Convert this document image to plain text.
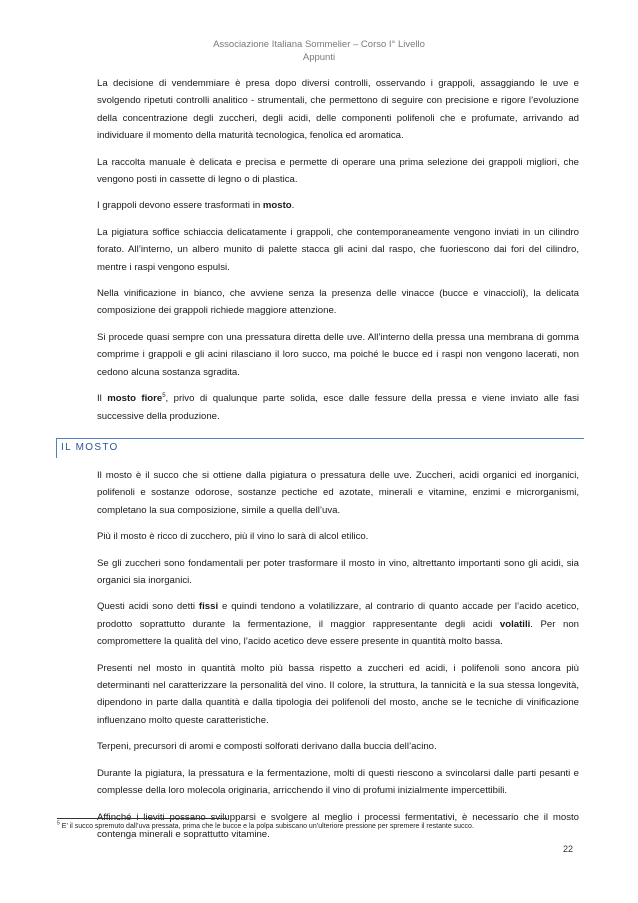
Associazione Italiana Sommelier – Corso I° Livello
Appunti

La decisione di vendemmiare è presa dopo diversi controlli, osservando i grappoli, assaggiando le uve e svolgendo ripetuti controlli analitico - strumentali, che permettono di seguire con precisione e rigore l’evoluzione della concentrazione degli zuccheri, degli acidi, delle componenti polifenoli che e profumate, arrivando ad individuare il momento della maturità tecnologica, fenolica ed aromatica.

La raccolta manuale è delicata e precisa e permette di operare una prima selezione dei grappoli migliori, che vengono posti in cassette di legno o di plastica.

I grappoli devono essere trasformati in mosto.

La pigiatura soffice schiaccia delicatamente i grappoli, che contemporaneamente vengono inviati in un cilindro forato. All’interno, un albero munito di palette stacca gli acini dal raspo, che fuoriescono dai fori del cilindro, mentre i raspi vengono espulsi.

Nella vinificazione in bianco, che avviene senza la presenza delle vinacce (bucce e vinaccioli), la delicata composizione dei grappoli richiede maggiore attenzione.

Si procede quasi sempre con una pressatura diretta delle uve. All’interno della pressa una membrana di gomma comprime i grappoli e gli acini rilasciano il loro succo, ma poiché le bucce ed i raspi non vengono lacerati, non cedono alcuna sostanza sgradita.

Il mosto fiore$^5$, privo di qualunque parte solida, esce dalle fessure della pressa e viene inviato alle fasi successive della produzione.

IL MOSTO

Il mosto è il succo che si ottiene dalla pigiatura o pressatura delle uve. Zuccheri, acidi organici ed inorganici, polifenoli e sostanze odorose, sostanze pectiche ed azotate, minerali e vitamine, enzimi e microrganismi, completano la sua composizione, simile a quella dell’uva.

Più il mosto è ricco di zucchero, più il vino lo sarà di alcol etilico.

Se gli zuccheri sono fondamentali per poter trasformare il mosto in vino, altrettanto importanti sono gli acidi, sia organici sia inorganici.

Questi acidi sono detti fissi e quindi tendono a volatilizzare, al contrario di quanto accade per l’acido acetico, prodotto soprattutto durante la fermentazione, il maggior rappresentante degli acidi volatili. Per non compromettere la qualità del vino, l’acido acetico deve essere presente in quantità molto bassa.

Presenti nel mosto in quantità molto più bassa rispetto a zuccheri ed acidi, i polifenoli sono ancora più determinanti nel caratterizzare la personalità del vino. Il colore, la struttura, la tannicità e la sua stessa longevità, dipendono in parte dalla quantità e dalla tipologia dei polifenoli del mosto, anche se le tecniche di vinificazione influenzano molto queste caratteristiche.

Terpeni, precursori di aromi e composti solforati derivano dalla buccia dell’acino.

Durante la pigiatura, la pressatura e la fermentazione, molti di questi riescono a svincolarsi dalle parti pesanti e complesse della loro molecola originaria, arricchendo il vino di profumi inizialmente impercettibili.

Affinché i lieviti possano svilupparsi e svolgere al meglio i processi fermentativi, è necessario che il mosto contenga minerali e soprattutto vitamine.

$^5$ E’ il succo spremuto dall’uva pressata, prima che le bucce e la polpa subiscano un’ulteriore pressione per spremere il restante succo.
22
